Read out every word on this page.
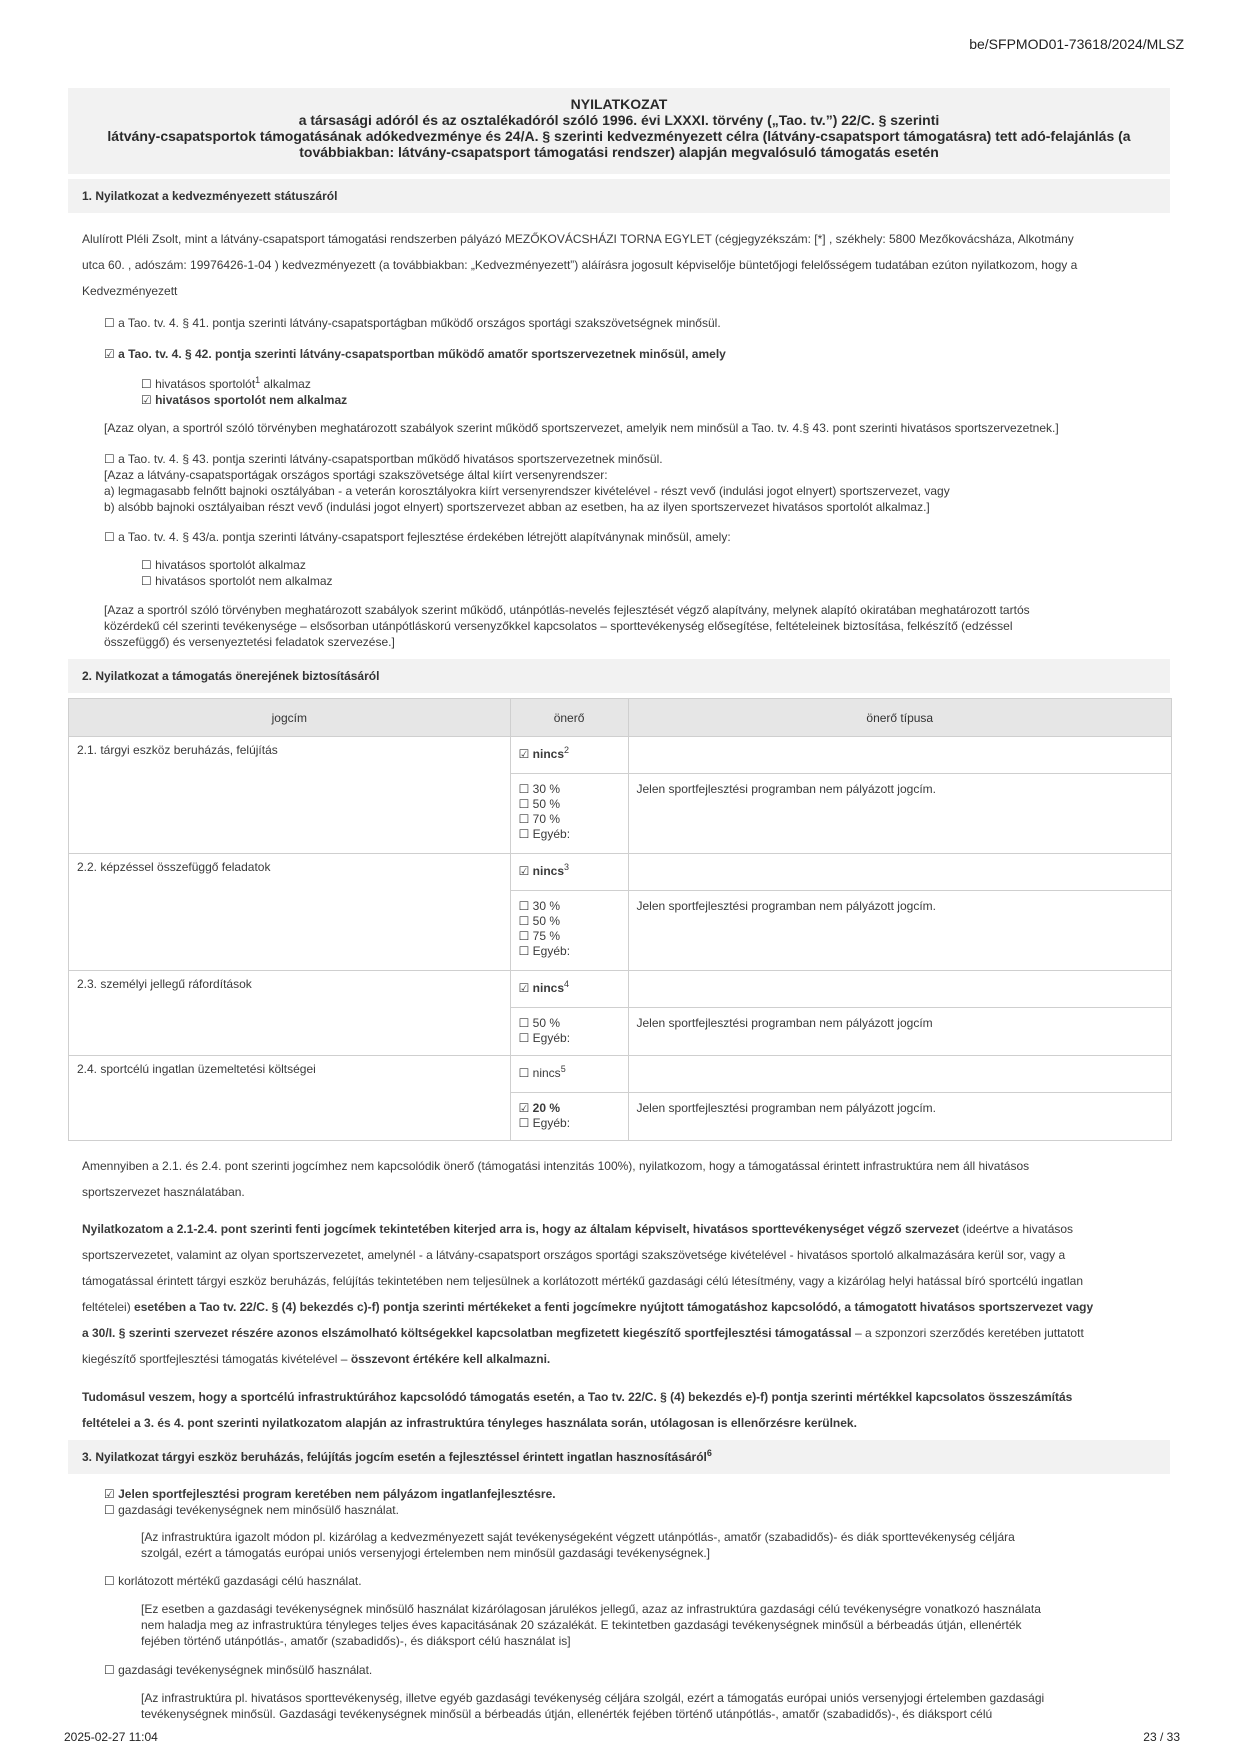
be/SFPMOD01-73618/2024/MLSZ
NYILATKOZAT
a társasági adóról és az osztalékadóról szóló 1996. évi LXXXI. törvény („Tao. tv.”) 22/C. § szerinti
látvány-csapatsportok támogatásának adókedvezménye és 24/A. § szerinti kedvezményezett célra (látvány-csapatsport támogatásra) tett adó-felajánlás (a
továbbiakban: látvány-csapatsport támogatási rendszer) alapján megvalósuló támogatás esetén
1. Nyilatkozat a kedvezményezett státuszáról
Alulírott Pléli Zsolt, mint a látvány-csapatsport támogatási rendszerben pályázó MEZŐKOVÁCSHÁZI TORNA EGYLET (cégjegyzékszám: [*] , székhely: 5800 Mezőkovácsháza, Alkotmány
utca 60. , adószám: 19976426-1-04 ) kedvezményezett (a továbbiakban: „Kedvezményezett”) aláírásra jogosult képviselője büntetőjogi felelősségem tudatában ezúton nyilatkozom, hogy a
Kedvezményezett
☐ a Tao. tv. 4. § 41. pontja szerinti látvány-csapatsportágban működő országos sportági szakszövetségnek minősül.
☑ a Tao. tv. 4. § 42. pontja szerinti látvány-csapatsportban működő amatőr sportszervezetnek minősül, amely
☐ hivatásos sportolót$^1$ alkalmaz
☑ hivatásos sportolót nem alkalmaz
[Azaz olyan, a sportról szóló törvényben meghatározott szabályok szerint működő sportszervezet, amelyik nem minősül a Tao. tv. 4.§ 43. pont szerinti hivatásos sportszervezetnek.]
☐ a Tao. tv. 4. § 43. pontja szerinti látvány-csapatsportban működő hivatásos sportszervezetnek minősül.
[Azaz a látvány-csapatsportágak országos sportági szakszövetsége által kiírt versenyrendszer:
a) legmagasabb felnőtt bajnoki osztályában - a veterán korosztályokra kiírt versenyrendszer kivételével - részt vevő (indulási jogot elnyert) sportszervezet, vagy
b) alsóbb bajnoki osztályaiban részt vevő (indulási jogot elnyert) sportszervezet abban az esetben, ha az ilyen sportszervezet hivatásos sportolót alkalmaz.]
☐ a Tao. tv. 4. § 43/a. pontja szerinti látvány-csapatsport fejlesztése érdekében létrejött alapítványnak minősül, amely:
☐ hivatásos sportolót alkalmaz
☐ hivatásos sportolót nem alkalmaz
[Azaz a sportról szóló törvényben meghatározott szabályok szerint működő, utánpótlás-nevelés fejlesztését végző alapítvány, melynek alapító okiratában meghatározott tartós
közérdekű cél szerinti tevékenysége – elsősorban utánpótláskorú versenyzőkkel kapcsolatos – sporttevékenység elősegítése, feltételeinek biztosítása, felkészítő (edzéssel
összefüggő) és versenyeztetési feladatok szervezése.]
2. Nyilatkozat a támogatás önerejének biztosításáról
jogcím	önerő	önerő típusa
2.1. tárgyi eszköz beruházás, felújítás	☑ nincs$^2$	

	☐ 30 %
☐ 50 %
☐ 70 %
☐ Egyéb:	Jelen sportfejlesztési programban nem pályázott jogcím.
2.2. képzéssel összefüggő feladatok	☑ nincs$^3$	

	☐ 30 %
☐ 50 %
☐ 75 %
☐ Egyéb:	Jelen sportfejlesztési programban nem pályázott jogcím.
2.3. személyi jellegű ráfordítások	☑ nincs$^4$	

	☐ 50 %
☐ Egyéb:	Jelen sportfejlesztési programban nem pályázott jogcím
2.4. sportcélú ingatlan üzemeltetési költségei	☐ nincs$^5$	

	☑ 20 %
☐ Egyéb:	Jelen sportfejlesztési programban nem pályázott jogcím.
Amennyiben a 2.1. és 2.4. pont szerinti jogcímhez nem kapcsolódik önerő (támogatási intenzitás 100%), nyilatkozom, hogy a támogatással érintett infrastruktúra nem áll hivatásos
sportszervezet használatában.
Nyilatkozatom a 2.1-2.4. pont szerinti fenti jogcímek tekintetében kiterjed arra is, hogy az általam képviselt, hivatásos sporttevékenységet végző szervezet (ideértve a hivatásos
sportszervezetet, valamint az olyan sportszervezetet, amelynél - a látvány-csapatsport országos sportági szakszövetsége kivételével - hivatásos sportoló alkalmazására kerül sor, vagy a
támogatással érintett tárgyi eszköz beruházás, felújítás tekintetében nem teljesülnek a korlátozott mértékű gazdasági célú létesítmény, vagy a kizárólag helyi hatással bíró sportcélú ingatlan
feltételei) esetében a Tao tv. 22/C. § (4) bekezdés c)-f) pontja szerinti mértékeket a fenti jogcímekre nyújtott támogatáshoz kapcsolódó, a támogatott hivatásos sportszervezet vagy
a 30/I. § szerinti szervezet részére azonos elszámolható költségekkel kapcsolatban megfizetett kiegészítő sportfejlesztési támogatással – a szponzori szerződés keretében juttatott
kiegészítő sportfejlesztési támogatás kivételével – összevont értékére kell alkalmazni.
Tudomásul veszem, hogy a sportcélú infrastruktúrához kapcsolódó támogatás esetén, a Tao tv. 22/C. § (4) bekezdés e)-f) pontja szerinti mértékkel kapcsolatos összeszámítás
feltételei a 3. és 4. pont szerinti nyilatkozatom alapján az infrastruktúra tényleges használata során, utólagosan is ellenőrzésre kerülnek.
3. Nyilatkozat tárgyi eszköz beruházás, felújítás jogcím esetén a fejlesztéssel érintett ingatlan hasznosításáról$^6$
☑ Jelen sportfejlesztési program keretében nem pályázom ingatlanfejlesztésre.
☐ gazdasági tevékenységnek nem minősülő használat.
[Az infrastruktúra igazolt módon pl. kizárólag a kedvezményezett saját tevékenységeként végzett utánpótlás-, amatőr (szabadidős)- és diák sporttevékenység céljára
szolgál, ezért a támogatás európai uniós versenyjogi értelemben nem minősül gazdasági tevékenységnek.]
☐ korlátozott mértékű gazdasági célú használat.
[Ez esetben a gazdasági tevékenységnek minősülő használat kizárólagosan járulékos jellegű, azaz az infrastruktúra gazdasági célú tevékenységre vonatkozó használata
nem haladja meg az infrastruktúra tényleges teljes éves kapacitásának 20 százalékát. E tekintetben gazdasági tevékenységnek minősül a bérbeadás útján, ellenérték
fejében történő utánpótlás-, amatőr (szabadidős)-, és diáksport célú használat is]
☐ gazdasági tevékenységnek minősülő használat.
[Az infrastruktúra pl. hivatásos sporttevékenység, illetve egyéb gazdasági tevékenység céljára szolgál, ezért a támogatás európai uniós versenyjogi értelemben gazdasági
tevékenységnek minősül. Gazdasági tevékenységnek minősül a bérbeadás útján, ellenérték fejében történő utánpótlás-, amatőr (szabadidős)-, és diáksport célú
2025-02-27 11:04	23 / 33
